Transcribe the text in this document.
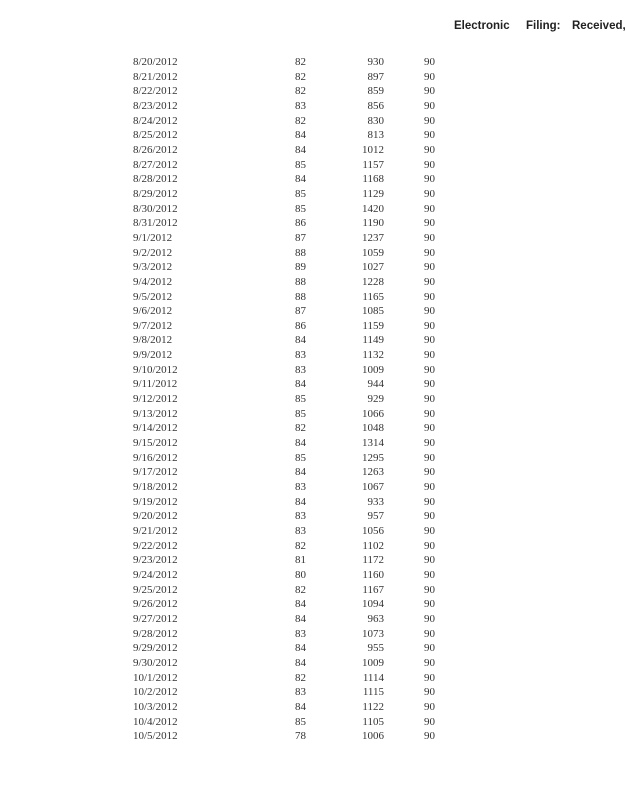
Electronic Filing: Received,
8/20/2012	82	930	90
8/21/2012	82	897	90
8/22/2012	82	859	90
8/23/2012	83	856	90
8/24/2012	82	830	90
8/25/2012	84	813	90
8/26/2012	84	1012	90
8/27/2012	85	1157	90
8/28/2012	84	1168	90
8/29/2012	85	1129	90
8/30/2012	85	1420	90
8/31/2012	86	1190	90
9/1/2012	87	1237	90
9/2/2012	88	1059	90
9/3/2012	89	1027	90
9/4/2012	88	1228	90
9/5/2012	88	1165	90
9/6/2012	87	1085	90
9/7/2012	86	1159	90
9/8/2012	84	1149	90
9/9/2012	83	1132	90
9/10/2012	83	1009	90
9/11/2012	84	944	90
9/12/2012	85	929	90
9/13/2012	85	1066	90
9/14/2012	82	1048	90
9/15/2012	84	1314	90
9/16/2012	85	1295	90
9/17/2012	84	1263	90
9/18/2012	83	1067	90
9/19/2012	84	933	90
9/20/2012	83	957	90
9/21/2012	83	1056	90
9/22/2012	82	1102	90
9/23/2012	81	1172	90
9/24/2012	80	1160	90
9/25/2012	82	1167	90
9/26/2012	84	1094	90
9/27/2012	84	963	90
9/28/2012	83	1073	90
9/29/2012	84	955	90
9/30/2012	84	1009	90
10/1/2012	82	1114	90
10/2/2012	83	1115	90
10/3/2012	84	1122	90
10/4/2012	85	1105	90
10/5/2012	78	1006	90
